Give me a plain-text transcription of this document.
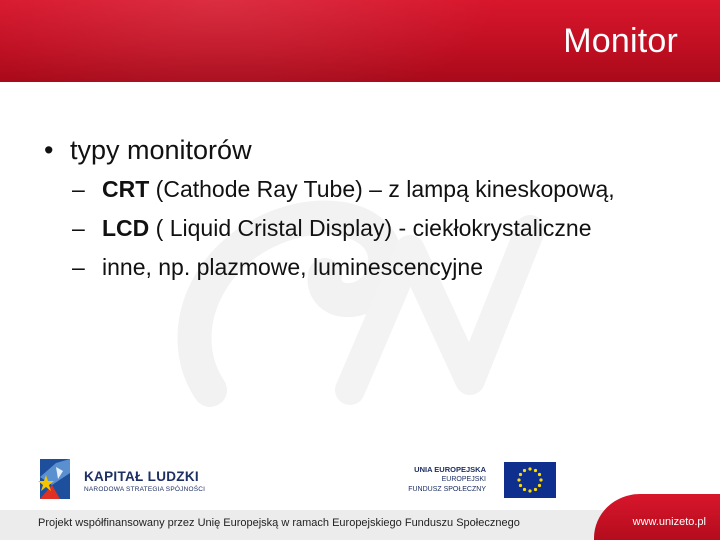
Monitor
• typy monitorów
– CRT (Cathode Ray Tube) – z lampą kineskopową,
– LCD ( Liquid Cristal Display) - ciekłokrystaliczne
– inne, np. plazmowe, luminescencyjne
KAPITAŁ LUDZKI
NARODOWA STRATEGIA SPÓJNOŚCI
UNIA EUROPEJSKA
EUROPEJSKI
FUNDUSZ SPOŁECZNY
Projekt współfinansowany przez Unię Europejską w ramach Europejskiego Funduszu Społecznego	www.unizeto.pl
